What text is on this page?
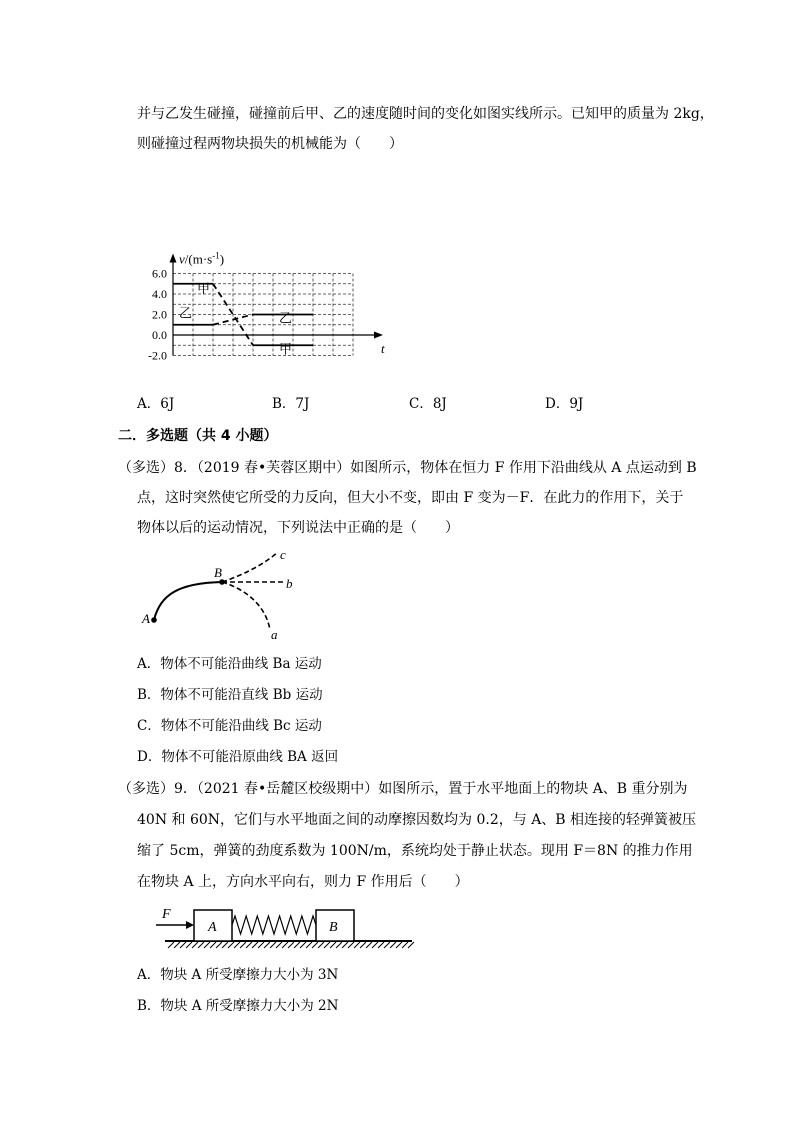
并与乙发生碰撞，碰撞前后甲、乙的速度随时间的变化如图实线所示。已知甲的质量为 2kg，
则碰撞过程两物块损失的机械能为（　　）
6.0
4.0
2.0
0.0
-2.0
$v/(m\cdot s^{-1})$
t
甲
乙	乙
甲
A．6J	B．7J	C．8J	D．9J
二．多选题（共 4 小题）
（多选）8．（2019 春•芙蓉区期中）如图所示，物体在恒力 F 作用下沿曲线从 A 点运动到 B
点，这时突然使它所受的力反向，但大小不变，即由 F 变为－F．在此力的作用下，关于
物体以后的运动情况，下列说法中正确的是（　　）
A
B
c
b
a
A．物体不可能沿曲线 Ba 运动
B．物体不可能沿直线 Bb 运动
C．物体不可能沿曲线 Bc 运动
D．物体不可能沿原曲线 BA 返回
（多选）9．（2021 春•岳麓区校级期中）如图所示，置于水平地面上的物块 A、B 重分别为
40N 和 60N，它们与水平地面之间的动摩擦因数均为 0.2，与 A、B 相连接的轻弹簧被压
缩了 5cm，弹簧的劲度系数为 100N/m，系统均处于静止状态。现用 F＝8N 的推力作用
在物块 A 上，方向水平向右，则力 F 作用后（　　）
F
A	B
A．物块 A 所受摩擦力大小为 3N
B．物块 A 所受摩擦力大小为 2N
